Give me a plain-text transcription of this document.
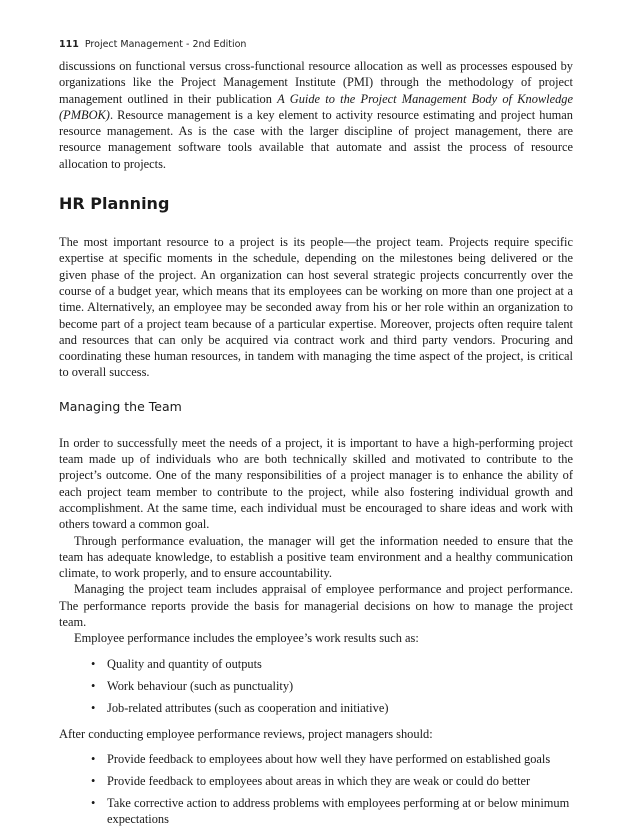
111 Project Management - 2nd Edition

discussions on functional versus cross-functional resource allocation as well as processes espoused by organizations like the Project Management Institute (PMI) through the methodology of project management outlined in their publication A Guide to the Project Management Body of Knowledge (PMBOK). Resource management is a key element to activity resource estimating and project human resource management. As is the case with the larger discipline of project management, there are resource management software tools available that automate and assist the process of resource allocation to projects.

HR Planning

The most important resource to a project is its people—the project team. Projects require specific expertise at specific moments in the schedule, depending on the milestones being delivered or the given phase of the project. An organization can host several strategic projects concurrently over the course of a budget year, which means that its employees can be working on more than one project at a time. Alternatively, an employee may be seconded away from his or her role within an organization to become part of a project team because of a particular expertise. Moreover, projects often require talent and resources that can only be acquired via contract work and third party vendors. Procuring and coordinating these human resources, in tandem with managing the time aspect of the project, is critical to overall success.

Managing the Team

In order to successfully meet the needs of a project, it is important to have a high-performing project team made up of individuals who are both technically skilled and motivated to contribute to the project’s outcome. One of the many responsibilities of a project manager is to enhance the ability of each project team member to contribute to the project, while also fostering individual growth and accomplishment. At the same time, each individual must be encouraged to share ideas and work with others toward a common goal.

Through performance evaluation, the manager will get the information needed to ensure that the team has adequate knowledge, to establish a positive team environment and a healthy communication climate, to work properly, and to ensure accountability.

Managing the project team includes appraisal of employee performance and project performance. The performance reports provide the basis for managerial decisions on how to manage the project team.

Employee performance includes the employee’s work results such as:

• Quality and quantity of outputs
• Work behaviour (such as punctuality)
• Job-related attributes (such as cooperation and initiative)

After conducting employee performance reviews, project managers should:

• Provide feedback to employees about how well they have performed on established goals
• Provide feedback to employees about areas in which they are weak or could do better
• Take corrective action to address problems with employees performing at or below minimum expectations
